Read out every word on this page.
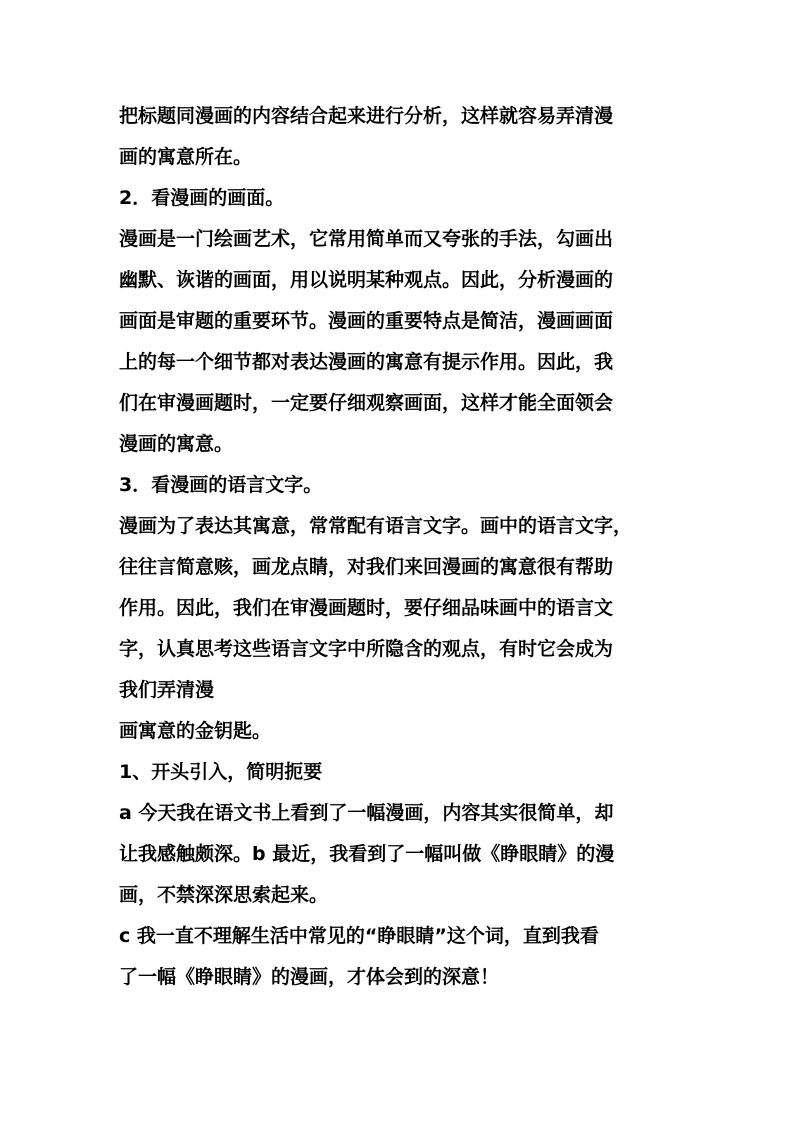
把标题同漫画的内容结合起来进行分析，这样就容易弄清漫
画的寓意所在。
2．看漫画的画面。
漫画是一门绘画艺术，它常用简单而又夸张的手法，勾画出
幽默、诙谐的画面，用以说明某种观点。因此，分析漫画的
画面是审题的重要环节。漫画的重要特点是简洁，漫画画面
上的每一个细节都对表达漫画的寓意有提示作用。因此，我
们在审漫画题时，一定要仔细观察画面，这样才能全面领会
漫画的寓意。
3．看漫画的语言文字。
漫画为了表达其寓意，常常配有语言文字。画中的语言文字，
往往言简意赅，画龙点睛，对我们来回漫画的寓意很有帮助
作用。因此，我们在审漫画题时，要仔细品味画中的语言文
字，认真思考这些语言文字中所隐含的观点，有时它会成为
我们弄清漫
画寓意的金钥匙。
1、开头引入，简明扼要
a 今天我在语文书上看到了一幅漫画，内容其实很简单，却
让我感触颇深。b 最近，我看到了一幅叫做《睁眼睛》的漫
画，不禁深深思索起来。
c 我一直不理解生活中常见的“睁眼睛”这个词，直到我看
了一幅《睁眼睛》的漫画，才体会到的深意！
